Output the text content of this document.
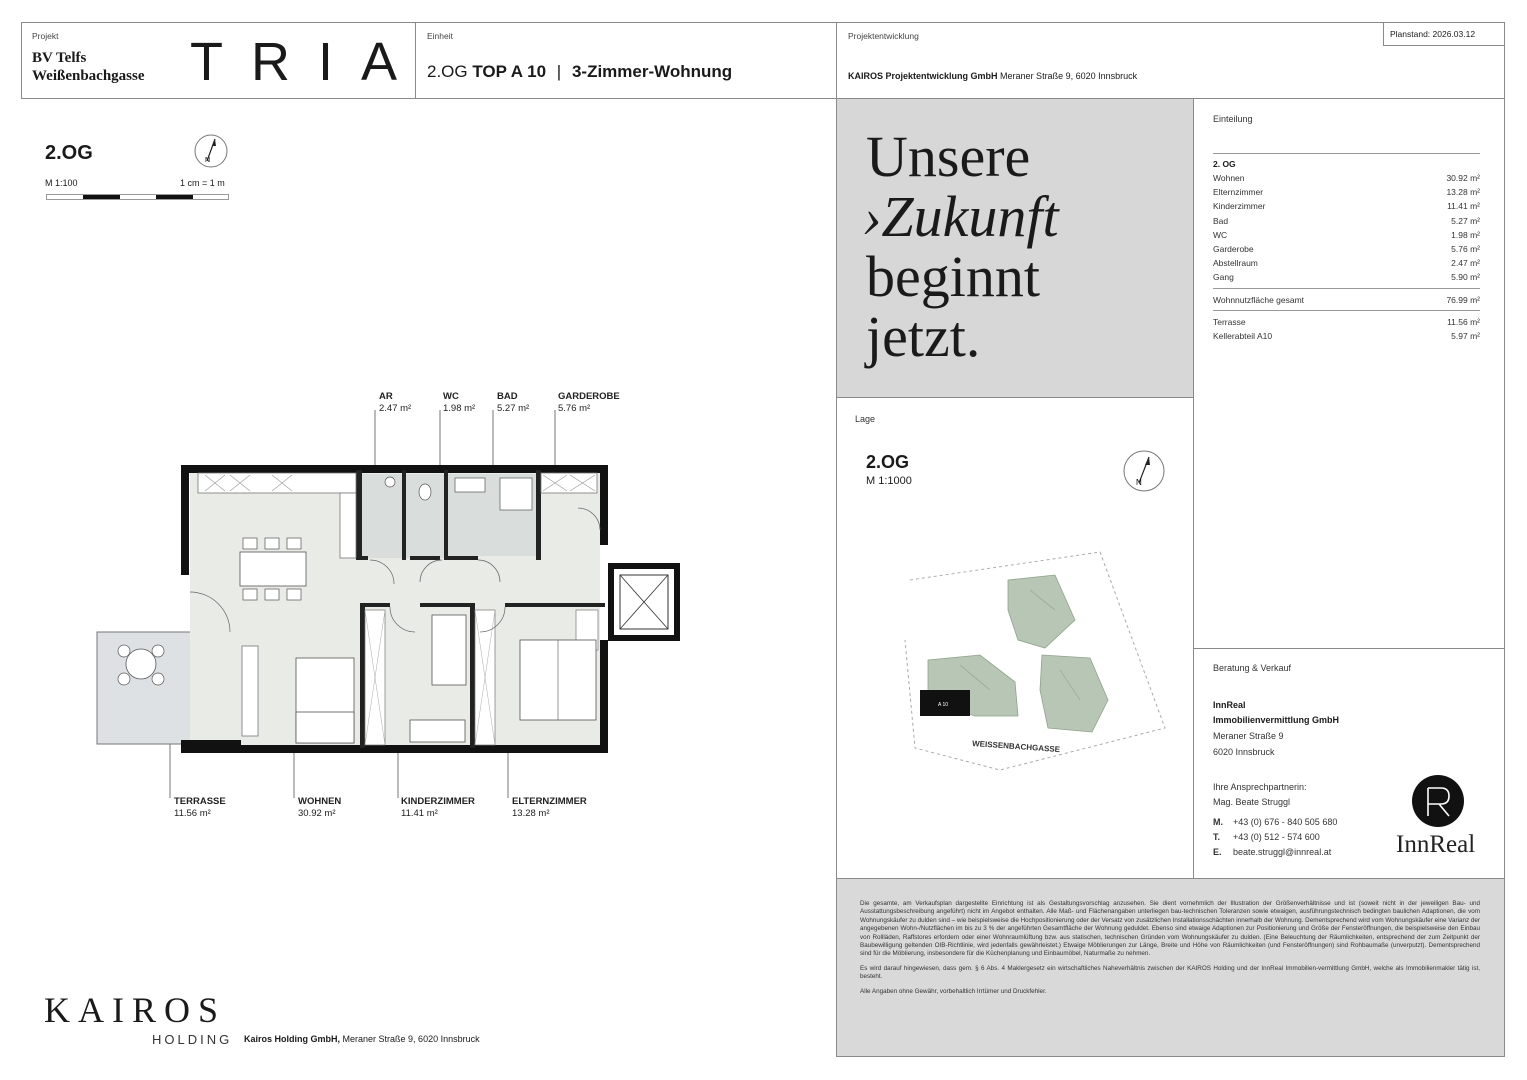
Projekt
BV Telfs
Weißenbachgasse TRIA Einheit
2.OG TOP A 10 | 3-Zimmer-Wohnung
Projektentwicklung
KAIROS Projektentwicklung GmbH Meraner Straße 9, 6020 Innsbruck
Planstand: 2026.03.12
2.OG
M 1:100	1 cm = 1 m
N
AR
2.47 m²
WC
1.98 m²
BAD
5.27 m²
GARDEROBE
5.76 m²
TERRASSE
11.56 m²
WOHNEN
30.92 m²
KINDERZIMMER
11.41 m²
ELTERNZIMMER
13.28 m²
Unsere
›Zukunft
beginnt
jetzt.
Einteilung
2. OG
Wohnen	30.92 m²
Elternzimmer	13.28 m²
Kinderzimmer	11.41 m²
Bad	5.27 m²
WC	1.98 m²
Garderobe	5.76 m²
Abstellraum	2.47 m²
Gang	5.90 m²
Wohnnutzfläche gesamt	76.99 m²
Terrasse	11.56 m²
Kellerabteil A10	5.97 m²
Lage
2.OG
M 1:1000	N
A 10
WEISSENBACHGASSE
Beratung & Verkauf
InnReal
Immobilienvermittlung GmbH
Meraner Straße 9
6020 Innsbruck
Ihre Ansprechpartnerin:
Mag. Beate Struggl
M. +43 (0) 676 - 840 505 680
T. +43 (0) 512 - 574 600
E. beate.struggl@innreal.at	InnReal

Die gesamte, am Verkaufsplan dargestellte Einrichtung ist als Gestaltungsvorschlag anzusehen. Sie dient vornehmlich der Illustration der Größenverhältnisse und ist (soweit nicht in der jeweiligen Bau- und Ausstattungsbeschreibung angeführt) nicht im Angebot enthalten. Alle Maß- und Flächenangaben unterliegen bau-technischen Toleranzen sowie etwaigen, ausführungstechnisch bedingten baulichen Adaptionen, die vom Wohnungskäufer zu dulden sind – wie beispielsweise die Hochpositionierung oder der Versatz von zusätzlichen Installationsschächten innerhalb der Wohnung. Dementsprechend wird vom Wohnungskäufer eine Varianz der angegebenen Wohn-/Nutzflächen im bis zu 3 % der angeführten Gesamtfläche der Wohnung geduldet. Ebenso sind etwaige Adaptionen zur Positionierung und Größe der Fensteröffnungen, die beispielsweise den Einbau von Rollläden, Raffstores erfordern oder einer Wohnraumlüftung bzw. aus statischen, technischen Gründen vom Wohnungskäufer zu dulden. (Eine Beleuchtung der Räumlichkeiten, entsprechend der zum Zeitpunkt der Baubewilligung geltenden OIB-Richtlinie, wird jedenfalls gewährleistet.) Etwaige Möblierungen zur Länge, Breite und Höhe von Räumlichkeiten (und Fensteröffnungen) sind Rohbaumaße (unverputzt). Dementsprechend sind für die Möblierung, insbesondere für die Küchenplanung und Einbaumöbel, Naturmaße zu nehmen.

Es wird darauf hingewiesen, dass gem. § 6 Abs. 4 Maklergesetz ein wirtschaftliches Naheverhältnis zwischen der KAIROS Holding und der InnReal Immobilien-vermittlung GmbH, welche als Immobilienmakler tätig ist, besteht.

Alle Angaben ohne Gewähr, vorbehaltlich Irrtümer und Druckfehler.

KAIROS
HOLDING Kairos Holding GmbH, Meraner Straße 9, 6020 Innsbruck
